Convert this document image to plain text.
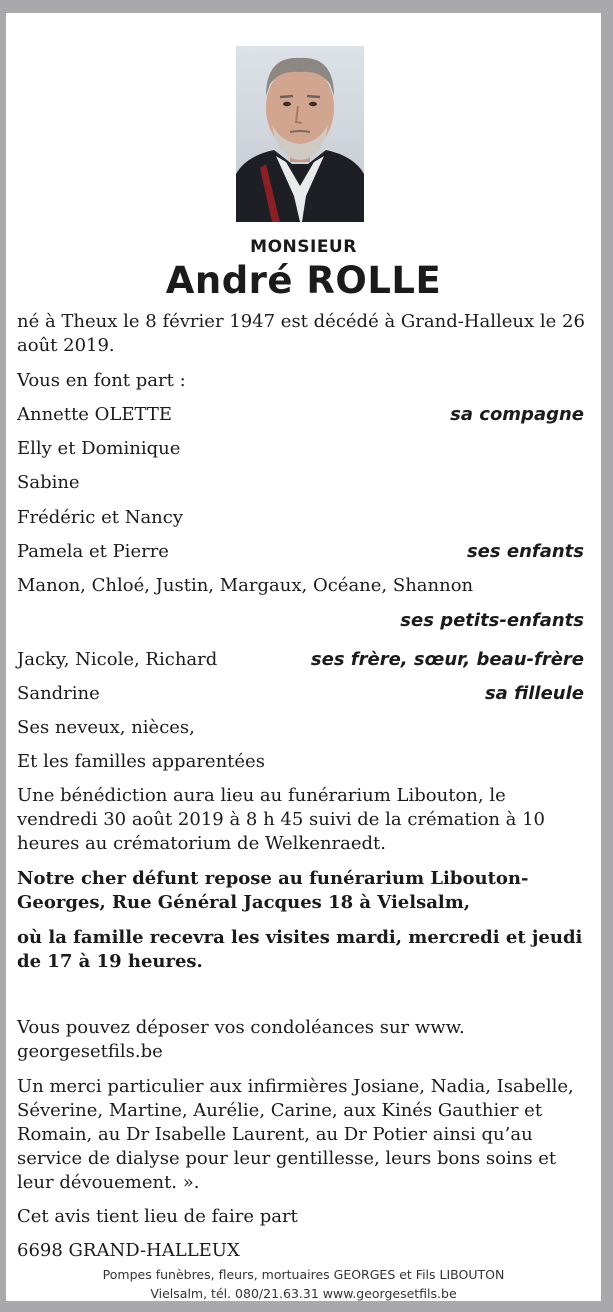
MONSIEUR
André ROLLE
né à Theux le 8 février 1947 est décédé à Grand-Halleux le 26 août 2019.
Vous en font part :
Annette OLETTE	sa compagne
Elly et Dominique
Sabine
Frédéric et Nancy
Pamela et Pierre	ses enfants
Manon, Chloé, Justin, Margaux, Océane, Shannon
ses petits-enfants
Jacky, Nicole, Richard	ses frère, sœur, beau-frère
Sandrine	sa filleule
Ses neveux, nièces,
Et les familles apparentées
Une bénédiction aura lieu au funérarium Libouton, le vendredi 30 août 2019 à 8 h 45 suivi de la crémation à 10 heures au crématorium de Welkenraedt.
Notre cher défunt repose au funérarium Libouton-Georges, Rue Général Jacques 18 à Vielsalm,
où la famille recevra les visites mardi, mercredi et jeudi de 17 à 19 heures.
Vous pouvez déposer vos condoléances sur www. georgesetfils.be
Un merci particulier aux infirmières Josiane, Nadia, Isabelle, Séverine, Martine, Aurélie, Carine, aux Kinés Gauthier et Romain, au Dr Isabelle Laurent, au Dr Potier ainsi qu’au service de dialyse pour leur gentillesse, leurs bons soins et leur dévouement. ».
Cet avis tient lieu de faire part
6698 GRAND-HALLEUX
Pompes funèbres, fleurs, mortuaires GEORGES et Fils LIBOUTON
Vielsalm, tél. 080/21.63.31 www.georgesetfils.be
